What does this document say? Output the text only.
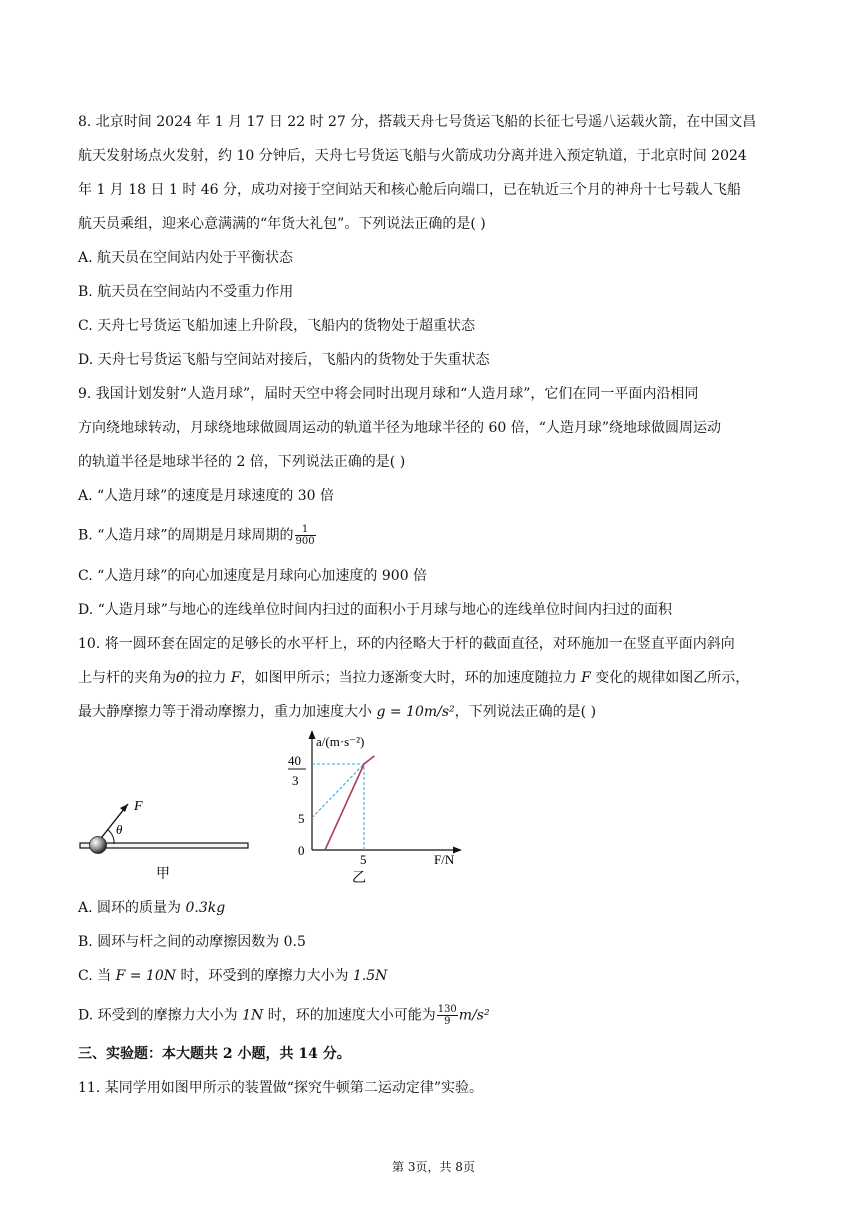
8. 北京时间 2024 年 1 月 17 日 22 时 27 分，搭载天舟七号货运飞船的长征七号遥八运载火箭，在中国文昌
航天发射场点火发射，约 10 分钟后，天舟七号货运飞船与火箭成功分离并进入预定轨道，于北京时间 2024
年 1 月 18 日 1 时 46 分，成功对接于空间站天和核心舱后向端口，已在轨近三个月的神舟十七号载人飞船
航天员乘组，迎来心意满满的“年货大礼包”。下列说法正确的是( )
A. 航天员在空间站内处于平衡状态
B. 航天员在空间站内不受重力作用
C. 天舟七号货运飞船加速上升阶段，飞船内的货物处于超重状态
D. 天舟七号货运飞船与空间站对接后，飞船内的货物处于失重状态
9. 我国计划发射“人造月球”，届时天空中将会同时出现月球和“人造月球”，它们在同一平面内沿相同
方向绕地球转动，月球绕地球做圆周运动的轨道半径为地球半径的 60 倍，“人造月球”绕地球做圆周运动
的轨道半径是地球半径的 2 倍，下列说法正确的是( )
A. “人造月球”的速度是月球速度的 30 倍
B. “人造月球”的周期是月球周期的 $\frac{1}{900}$
C. “人造月球”的向心加速度是月球向心加速度的 900 倍
D. “人造月球”与地心的连线单位时间内扫过的面积小于月球与地心的连线单位时间内扫过的面积
10. 将一圆环套在固定的足够长的水平杆上，环的内径略大于杆的截面直径，对环施加一在竖直平面内斜向
上与杆的夹角为θ的拉力 F，如图甲所示；当拉力逐渐变大时，环的加速度随拉力 F 变化的规律如图乙所示，
最大静摩擦力等于滑动摩擦力，重力加速度大小 g = 10m/s²，下列说法正确的是( )
F
θ
甲
a/(m·s⁻²)
F/N
0
40
3
乙
5
5
A. 圆环的质量为 0.3kg
B. 圆环与杆之间的动摩擦因数为 0.5
C. 当 F = 10N 时，环受到的摩擦力大小为 1.5N
D. 环受到的摩擦力大小为 1N 时，环的加速度大小可能为 $\frac{130}{9} m/s^2$
三、实验题：本大题共 2 小题，共 14 分。
11. 某同学用如图甲所示的装置做“探究牛顿第二运动定律”实验。
第 3页，共 8页
